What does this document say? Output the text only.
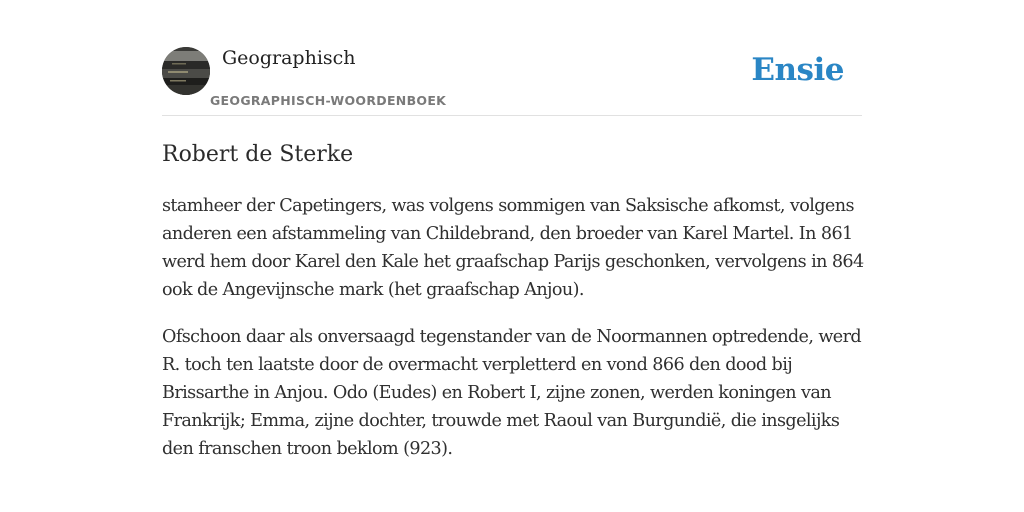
Geographisch
GEOGRAPHISCH-WOORDENBOEK
Ensie
Robert de Sterke

stamheer der Capetingers, was volgens sommigen van Saksische afkomst, volgens
anderen een afstammeling van Childebrand, den broeder van Karel Martel. In 861
werd hem door Karel den Kale het graafschap Parijs geschonken, vervolgens in 864
ook de Angevijnsche mark (het graafschap Anjou).

Ofschoon daar als onversaagd tegenstander van de Noormannen optredende, werd
R. toch ten laatste door de overmacht verpletterd en vond 866 den dood bij
Brissarthe in Anjou. Odo (Eudes) en Robert I, zijne zonen, werden koningen van
Frankrijk; Emma, zijne dochter, trouwde met Raoul van Burgundië, die insgelijks
den franschen troon beklom (923).
